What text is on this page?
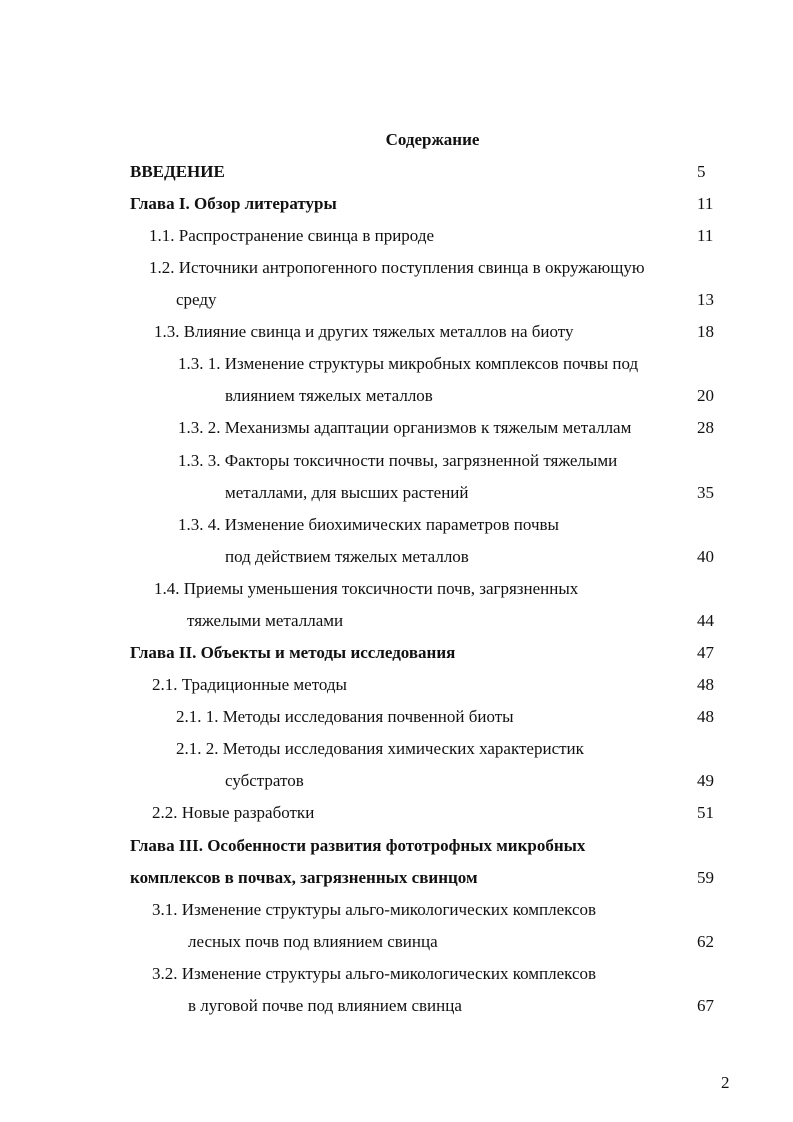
Содержание
ВВЕДЕНИЕ	5
Глава I. Обзор литературы	11
1.1. Распространение свинца в природе	11
1.2. Источники антропогенного поступления свинца в окружающую
среду	13
1.3. Влияние свинца и других тяжелых металлов на биоту	18
1.3. 1. Изменение структуры микробных комплексов почвы под
влиянием тяжелых металлов	20
1.3. 2. Механизмы адаптации организмов к тяжелым металлам	28
1.3. 3. Факторы токсичности почвы, загрязненной тяжелыми
металлами, для высших растений	35
1.3. 4. Изменение биохимических параметров почвы
под действием тяжелых металлов	40
1.4. Приемы уменьшения токсичности почв, загрязненных
тяжелыми металлами	44
Глава II. Объекты и методы исследования	47
2.1. Традиционные методы	48
2.1. 1. Методы исследования почвенной биоты	48
2.1. 2. Методы исследования химических характеристик
субстратов	49
2.2. Новые разработки	51
Глава III. Особенности развития фототрофных микробных
комплексов в почвах, загрязненных свинцом	59
3.1. Изменение структуры альго-микологических комплексов
лесных почв под влиянием свинца	62
3.2. Изменение структуры альго-микологических комплексов
в луговой почве под влиянием свинца	67
2
